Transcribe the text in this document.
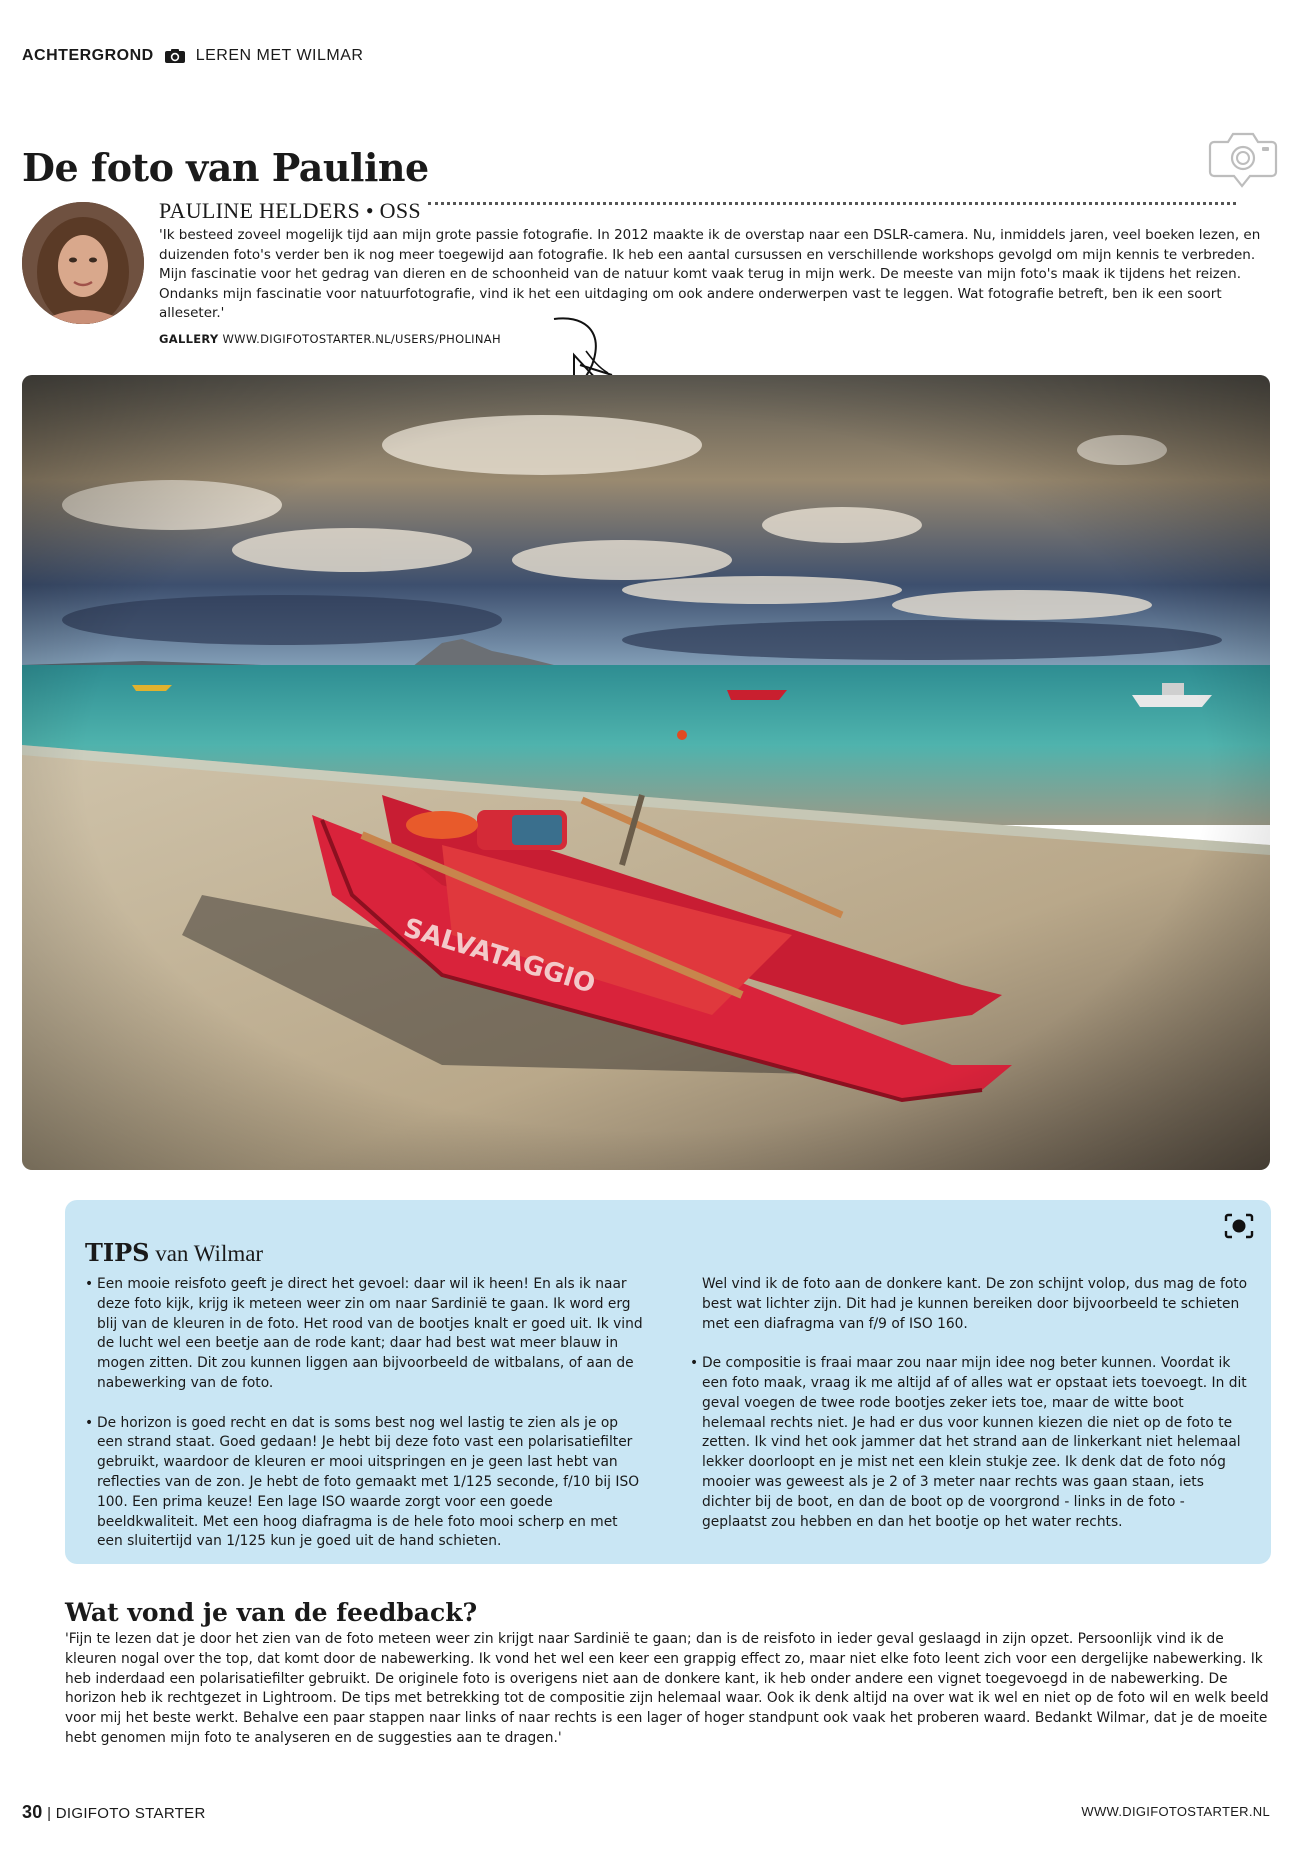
ACHTERGROND	LEREN MET WILMAR
De foto van Pauline

PAULINE HELDERS • OSS

'Ik besteed zoveel mogelijk tijd aan mijn grote passie fotografie. In 2012 maakte ik de overstap naar een DSLR-camera. Nu, inmiddels jaren, veel boeken lezen, en duizenden foto's verder ben ik nog meer toegewijd aan fotografie. Ik heb een aantal cursussen en verschillende workshops gevolgd om mijn kennis te verbreden. Mijn fascinatie voor het gedrag van dieren en de schoonheid van de natuur komt vaak terug in mijn werk. De meeste van mijn foto's maak ik tijdens het reizen. Ondanks mijn fascinatie voor natuurfotografie, vind ik het een uitdaging om ook andere onderwerpen vast te leggen. Wat fotografie betreft, ben ik een soort alleseter.'

GALLERY WWW.DIGIFOTOSTARTER.NL/USERS/PHOLINAH
TIPS van Wilmar

• Een mooie reisfoto geeft je direct het gevoel: daar wil ik heen! En als ik naar deze foto kijk, krijg ik meteen weer zin om naar Sardinië te gaan. Ik word erg blij van de kleuren in de foto. Het rood van de bootjes knalt er goed uit. Ik vind de lucht wel een beetje aan de rode kant; daar had best wat meer blauw in mogen zitten. Dit zou kunnen liggen aan bijvoorbeeld de witbalans, of aan de nabewerking van de foto.

• De horizon is goed recht en dat is soms best nog wel lastig te zien als je op een strand staat. Goed gedaan! Je hebt bij deze foto vast een polarisatiefilter gebruikt, waardoor de kleuren er mooi uitspringen en je geen last hebt van reflecties van de zon. Je hebt de foto gemaakt met 1/125 seconde, f/10 bij ISO 100. Een prima keuze! Een lage ISO waarde zorgt voor een goede beeldkwaliteit. Met een hoog diafragma is de hele foto mooi scherp en met een sluitertijd van 1/125 kun je goed uit de hand schieten.

Wel vind ik de foto aan de donkere kant. De zon schijnt volop, dus mag de foto best wat lichter zijn. Dit had je kunnen bereiken door bijvoorbeeld te schieten met een diafragma van f/9 of ISO 160.

• De compositie is fraai maar zou naar mijn idee nog beter kunnen. Voordat ik een foto maak, vraag ik me altijd af of alles wat er opstaat iets toevoegt. In dit geval voegen de twee rode bootjes zeker iets toe, maar de witte boot helemaal rechts niet. Je had er dus voor kunnen kiezen die niet op de foto te zetten. Ik vind het ook jammer dat het strand aan de linkerkant niet helemaal lekker doorloopt en je mist net een klein stukje zee. Ik denk dat de foto nóg mooier was geweest als je 2 of 3 meter naar rechts was gaan staan, iets dichter bij de boot, en dan de boot op de voorgrond - links in de foto - geplaatst zou hebben en dan het bootje op het water rechts.

Wat vond je van de feedback?

'Fijn te lezen dat je door het zien van de foto meteen weer zin krijgt naar Sardinië te gaan; dan is de reisfoto in ieder geval geslaagd in zijn opzet. Persoonlijk vind ik de kleuren nogal over the top, dat komt door de nabewerking. Ik vond het wel een keer een grappig effect zo, maar niet elke foto leent zich voor een dergelijke nabewerking. Ik heb inderdaad een polarisatiefilter gebruikt. De originele foto is overigens niet aan de donkere kant, ik heb onder andere een vignet toegevoegd in de nabewerking. De horizon heb ik rechtgezet in Lightroom. De tips met betrekking tot de compositie zijn helemaal waar. Ook ik denk altijd na over wat ik wel en niet op de foto wil en welk beeld voor mij het beste werkt. Behalve een paar stappen naar links of naar rechts is een lager of hoger standpunt ook vaak het proberen waard. Bedankt Wilmar, dat je de moeite hebt genomen mijn foto te analyseren en de suggesties aan te dragen.'

30 | DIGIFOTO STARTER	WWW.DIGIFOTOSTARTER.NL
